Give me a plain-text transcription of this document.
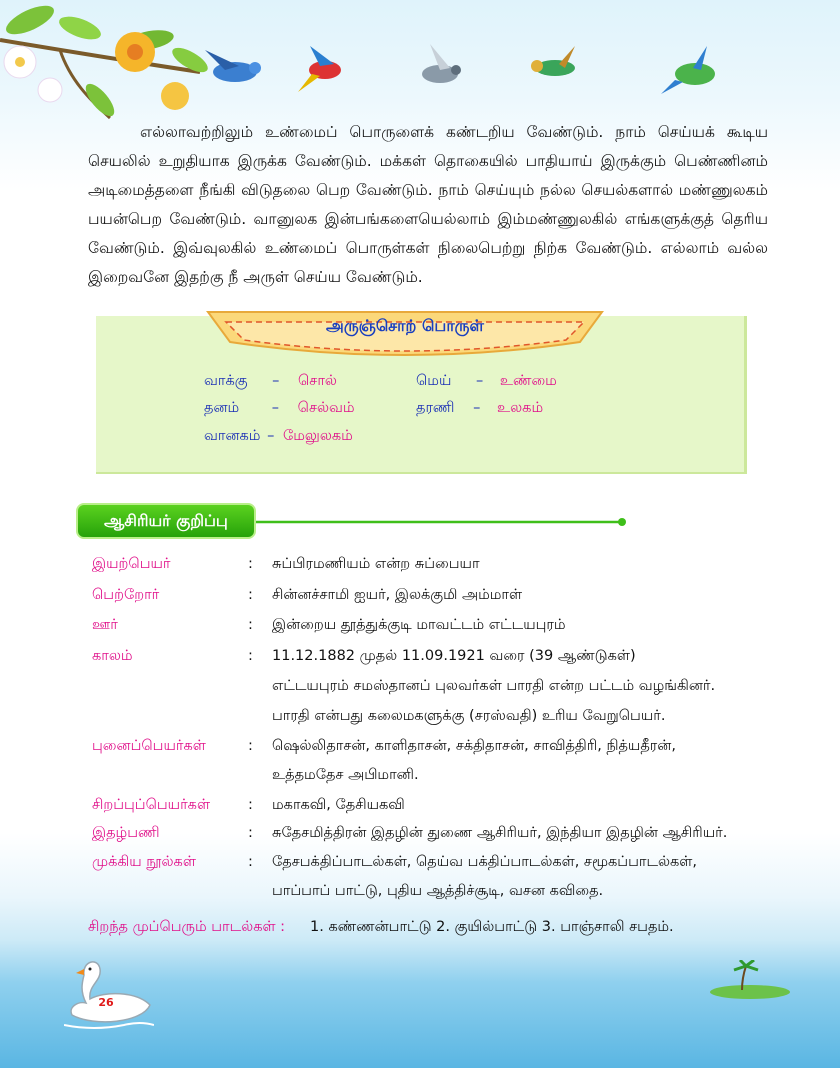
எல்லாவற்றிலும் உண்மைப் பொருளைக் கண்டறிய வேண்டும். நாம் செய்யக் கூடிய செயலில் உறுதியாக இருக்க வேண்டும். மக்கள் தொகையில் பாதியாய் இருக்கும் பெண்ணினம் அடிமைத்தளை நீங்கி விடுதலை பெற வேண்டும். நாம் செய்யும் நல்ல செயல்களால் மண்ணுலகம் பயன்பெற வேண்டும். வானுலக இன்பங்களையெல்லாம் இம்மண்ணுலகில் எங்களுக்குத் தெரிய வேண்டும். இவ்வுலகில் உண்மைப் பொருள்கள் நிலைபெற்று நிற்க வேண்டும். எல்லாம் வல்ல இறைவனே இதற்கு நீ அருள் செய்ய வேண்டும்.

அருஞ்சொற் பொருள்
வாக்கு – சொல்	மெய் – உண்மை
தனம் – செல்வம்	தரணி – உலகம்
வானகம் – மேலுலகம்
ஆசிரியர் குறிப்பு
இயற்பெயர்	: சுப்பிரமணியம் என்ற சுப்பையா
பெற்றோர்	: சின்னச்சாமி ஐயர், இலக்குமி அம்மாள்
ஊர்	: இன்றைய தூத்துக்குடி மாவட்டம் எட்டயபுரம்
காலம்	: 11.12.1882 முதல் 11.09.1921 வரை (39 ஆண்டுகள்)
எட்டயபுரம் சமஸ்தானப் புலவர்கள் பாரதி என்ற பட்டம் வழங்கினர்.
பாரதி என்பது கலைமகளுக்கு (சரஸ்வதி) உரிய வேறுபெயர்.
புனைப்பெயர்கள்	: ஷெல்லிதாசன், காளிதாசன், சக்திதாசன், சாவித்திரி, நித்யதீரன்,
உத்தமதேச அபிமானி.
சிறப்புப்பெயர்கள்	: மகாகவி, தேசியகவி
இதழ்பணி	: சுதேசமித்திரன் இதழின் துணை ஆசிரியர், இந்தியா இதழின் ஆசிரியர்.
முக்கிய நூல்கள்	: தேசபக்திப்பாடல்கள், தெய்வ பக்திப்பாடல்கள், சமூகப்பாடல்கள்,
பாப்பாப் பாட்டு, புதிய ஆத்திச்சூடி, வசன கவிதை.
சிறந்த முப்பெரும் பாடல்கள் : 1. கண்ணன்பாட்டு 2. குயில்பாட்டு 3. பாஞ்சாலி சபதம்.
26
